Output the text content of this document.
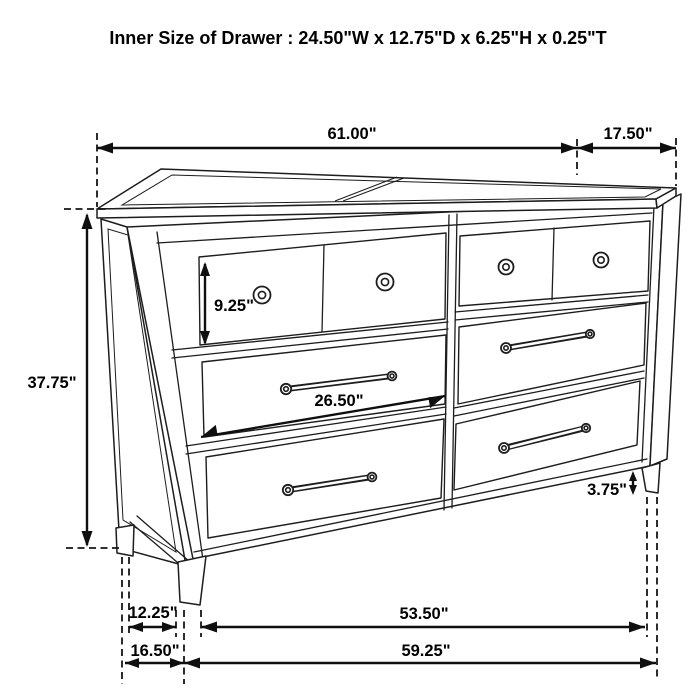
Inner Size of Drawer : 24.50"W x 12.75"D x 6.25"H x 0.25"T
61.00"	17.50"
37.75"
9.25"
26.50"
3.75"
12.25"	53.50"
16.50"	59.25"
